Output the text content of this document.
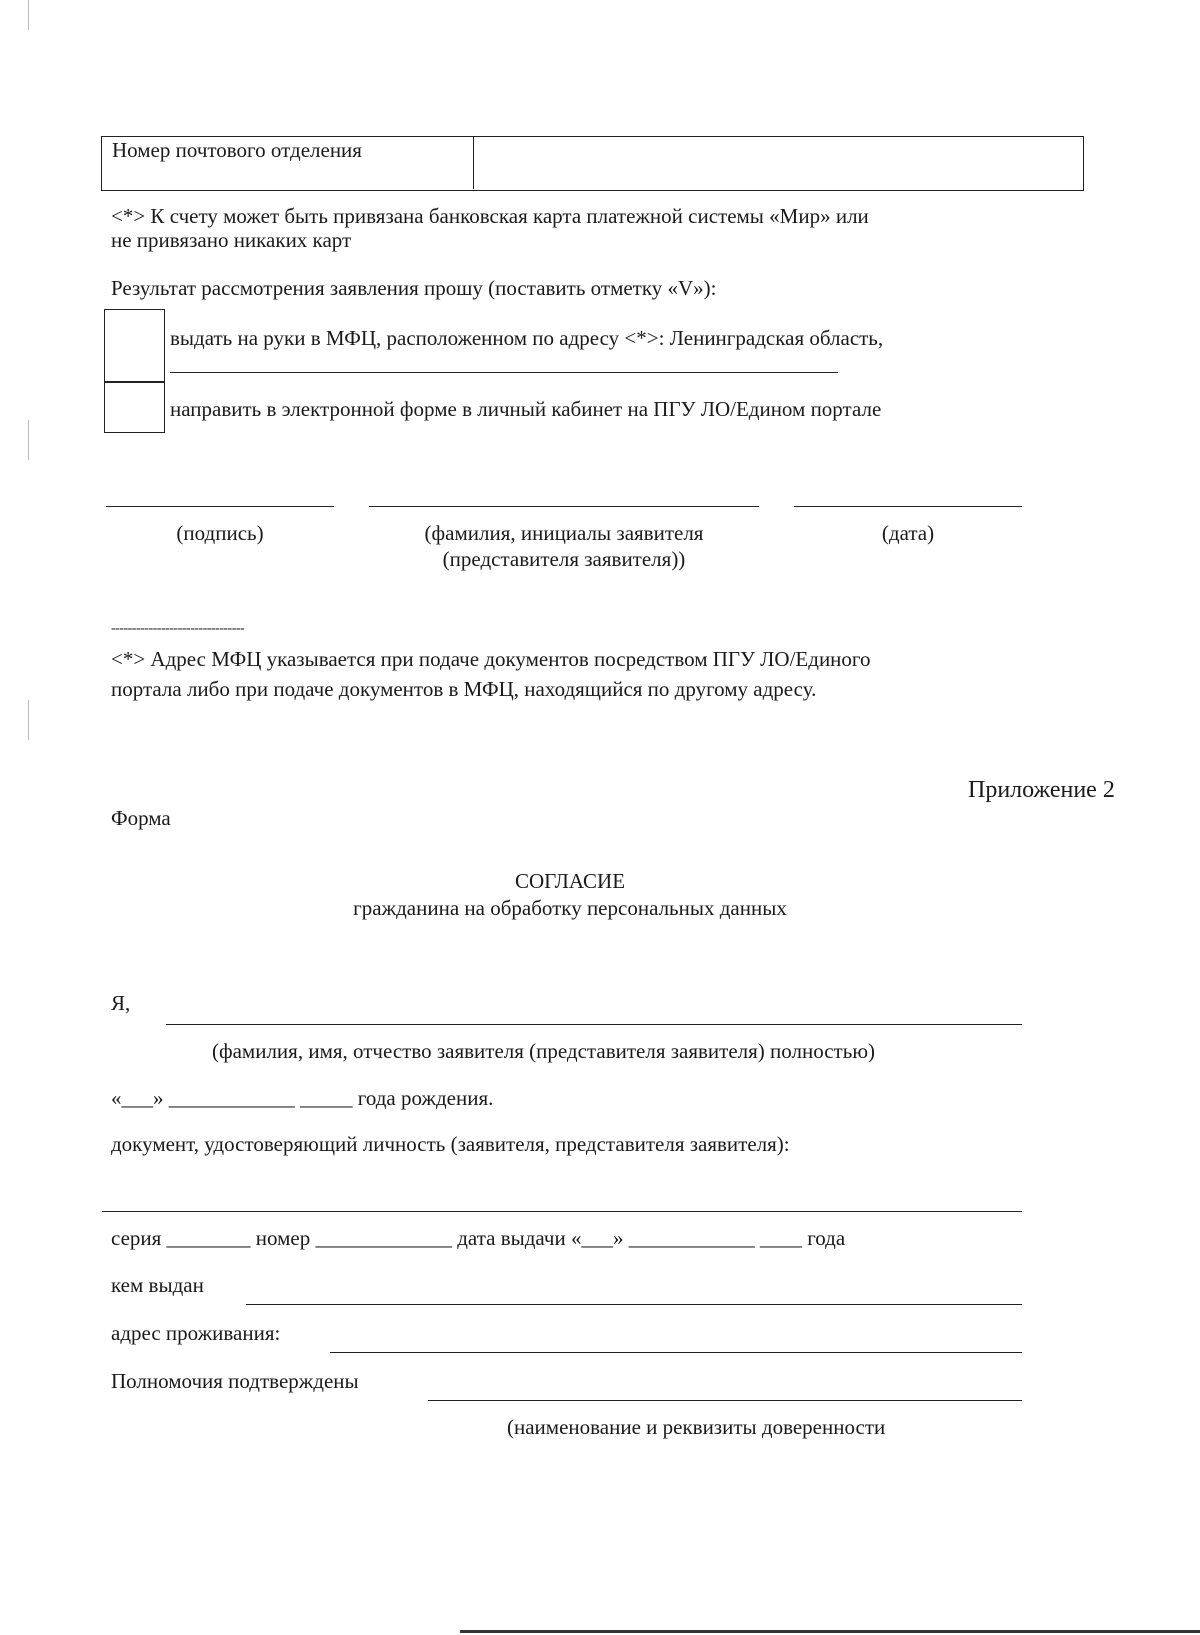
Номер почтового отделения
<*> К счету может быть привязана банковская карта платежной системы «Мир» или
не привязано никаких карт
Результат рассмотрения заявления прошу (поставить отметку «V»):
выдать на руки в МФЦ, расположенном по адресу <*>: Ленинградская область,
направить в электронной форме в личный кабинет на ПГУ ЛО/Едином портале
(подпись)	(фамилия, инициалы заявителя
(представителя заявителя))
(дата)
--------------------------------
<*> Адрес МФЦ указывается при подаче документов посредством ПГУ ЛО/Единого
портала либо при подаче документов в МФЦ, находящийся по другому адресу.
Приложение 2
Форма
СОГЛАСИЕ
гражданина на обработку персональных данных
Я,
(фамилия, имя, отчество заявителя (представителя заявителя) полностью)
«___» ____________ _____ года рождения.
документ, удостоверяющий личность (заявителя, представителя заявителя):
серия ________ номер _____________ дата выдачи «___» ____________ ____ года
кем выдан
адрес проживания:
Полномочия подтверждены
(наименование и реквизиты доверенности
